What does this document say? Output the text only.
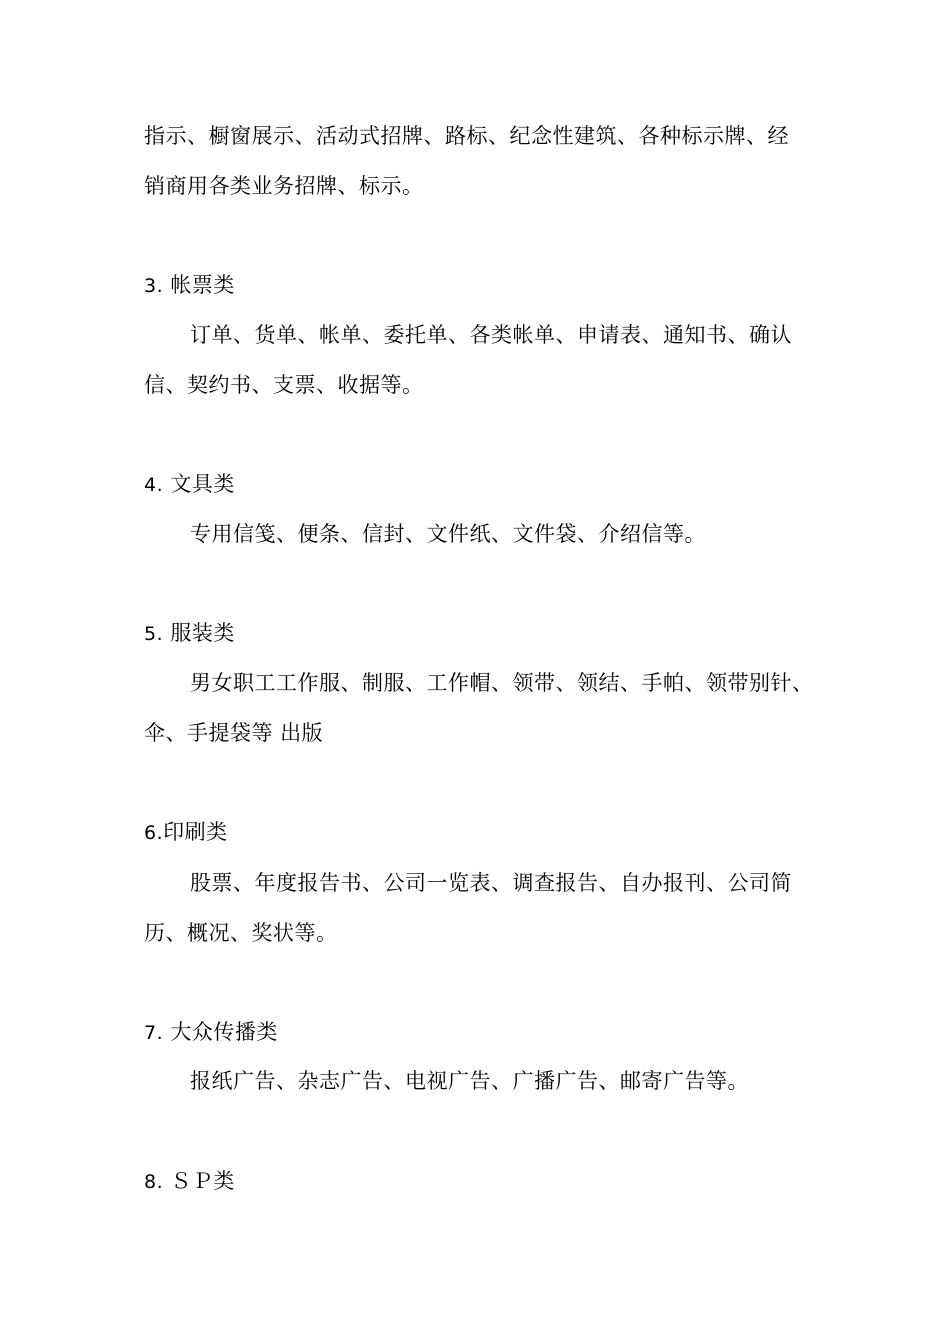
指示、橱窗展示、活动式招牌、路标、纪念性建筑、各种标示牌、经
销商用各类业务招牌、标示。
3. 帐票类
订单、货单、帐单、委托单、各类帐单、申请表、通知书、确认
信、契约书、支票、收据等。
4. 文具类
专用信笺、便条、信封、文件纸、文件袋、介绍信等。
5. 服装类
男女职工工作服、制服、工作帽、领带、领结、手帕、领带别针、
伞、手提袋等 出版
6.印刷类
股票、年度报告书、公司一览表、调查报告、自办报刊、公司简
历、概况、奖状等。
7. 大众传播类
报纸广告、杂志广告、电视广告、广播广告、邮寄广告等。
8. ＳＰ类
